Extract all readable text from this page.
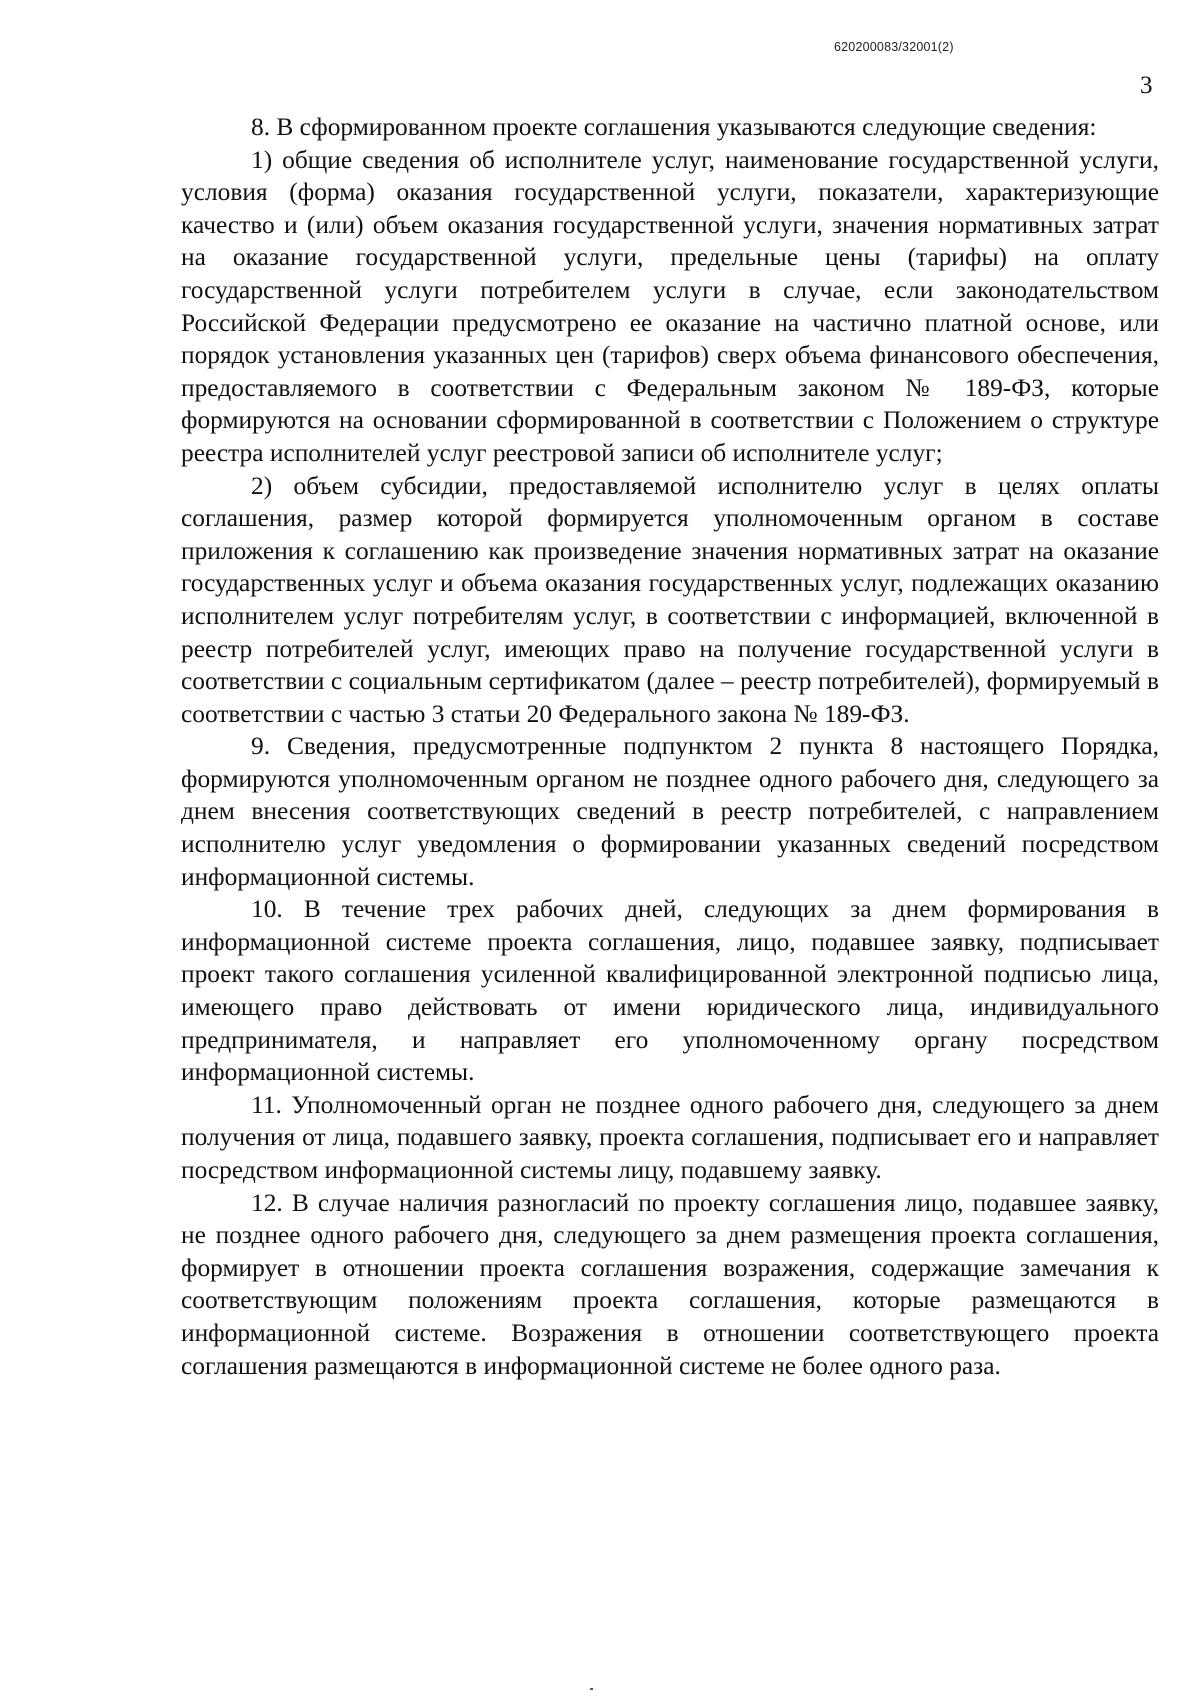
620200083/32001(2)
3

8. В сформированном проекте соглашения указываются следующие сведения:

1) общие сведения об исполнителе услуг, наименование государственной услуги, условия (форма) оказания государственной услуги, показатели, характеризующие качество и (или) объем оказания государственной услуги, значения нормативных затрат на оказание государственной услуги, предельные цены (тарифы) на оплату государственной услуги потребителем услуги в случае, если законодательством Российской Федерации предусмотрено ее оказание на частично платной основе, или порядок установления указанных цен (тарифов) сверх объема финансового обеспечения, предоставляемого в соответствии с Федеральным законом № 189-ФЗ, которые формируются на основании сформированной в соответствии с Положением о структуре реестра исполнителей услуг реестровой записи об исполнителе услуг;

2) объем субсидии, предоставляемой исполнителю услуг в целях оплаты соглашения, размер которой формируется уполномоченным органом в составе приложения к соглашению как произведение значения нормативных затрат на оказание государственных услуг и объема оказания государственных услуг, подлежащих оказанию исполнителем услуг потребителям услуг, в соответствии с информацией, включенной в реестр потребителей услуг, имеющих право на получение государственной услуги в соответствии с социальным сертификатом (далее – реестр потребителей), формируемый в соответствии с частью 3 статьи 20 Федерального закона № 189-ФЗ.

9. Сведения, предусмотренные подпунктом 2 пункта 8 настоящего Порядка, формируются уполномоченным органом не позднее одного рабочего дня, следующего за днем внесения соответствующих сведений в реестр потребителей, с направлением исполнителю услуг уведомления о формировании указанных сведений посредством информационной системы.

10. В течение трех рабочих дней, следующих за днем формирования в информационной системе проекта соглашения, лицо, подавшее заявку, подписывает проект такого соглашения усиленной квалифицированной электронной подписью лица, имеющего право действовать от имени юридического лица, индивидуального предпринимателя, и направляет его уполномоченному органу посредством информационной системы.

11. Уполномоченный орган не позднее одного рабочего дня, следующего за днем получения от лица, подавшего заявку, проекта соглашения, подписывает его и направляет посредством информационной системы лицу, подавшему заявку.

12. В случае наличия разногласий по проекту соглашения лицо, подавшее заявку, не позднее одного рабочего дня, следующего за днем размещения проекта соглашения, формирует в отношении проекта соглашения возражения, содержащие замечания к соответствующим положениям проекта соглашения, которые размещаются в информационной системе. Возражения в отношении соответствующего проекта соглашения размещаются в информационной системе не более одного раза.
